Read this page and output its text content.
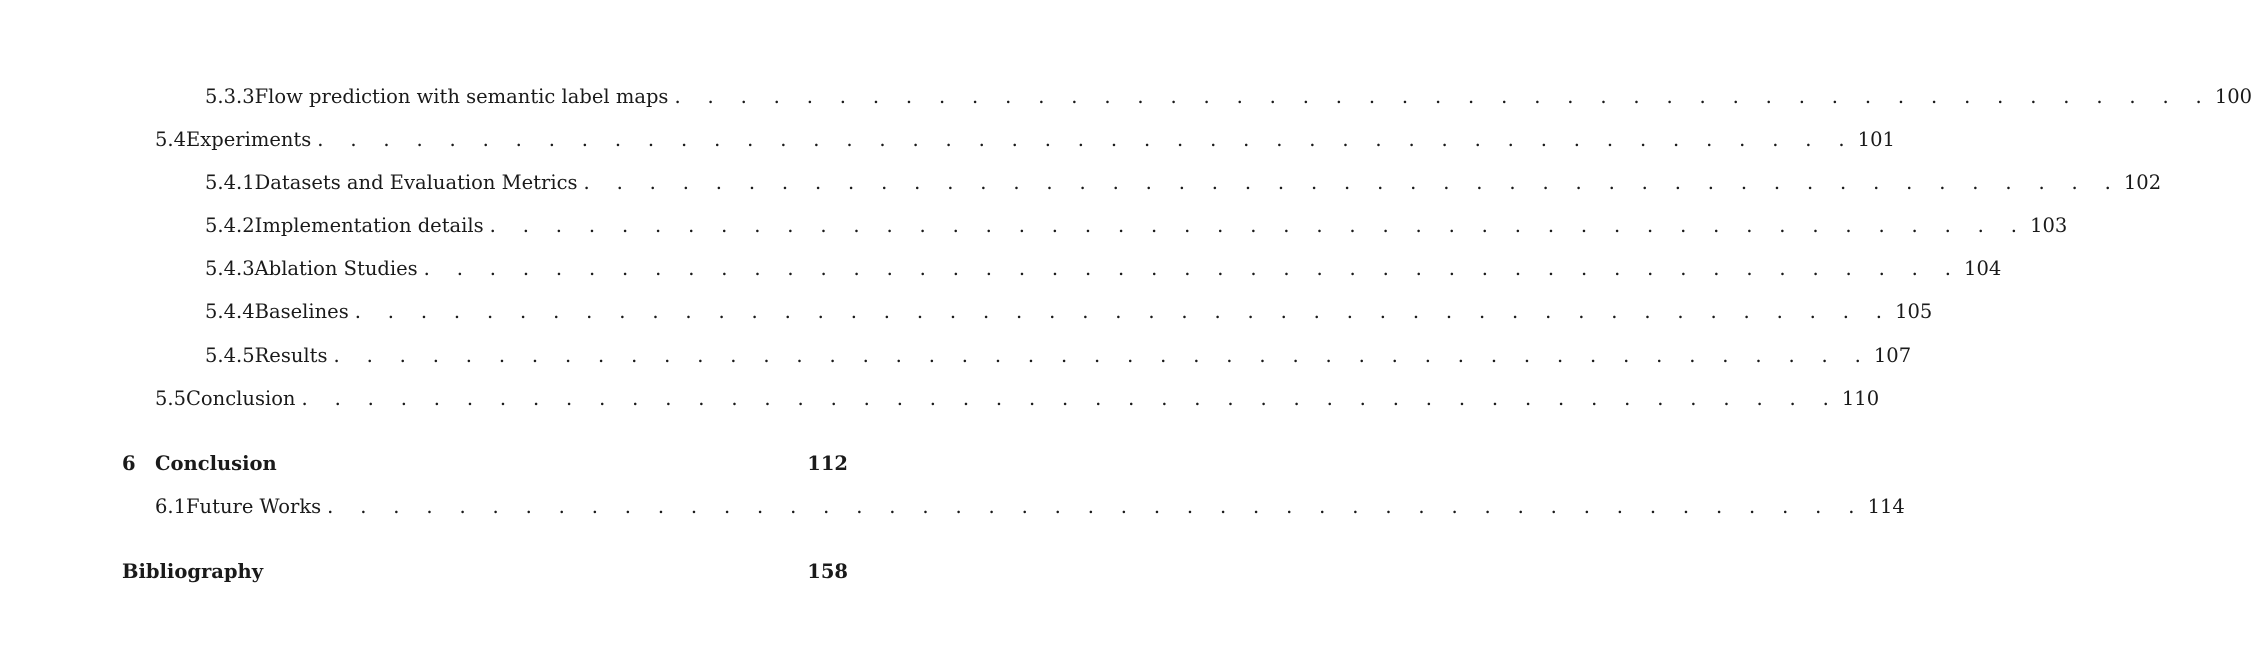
5.3.3 Flow prediction with semantic label maps . . . . . . . . . . . . . . . . . . . . . . . . . . . . . . . . . . . . . . . . . . . . . . . 100
5.4 Experiments . . . . . . . . . . . . . . . . . . . . . . . . . . . . . . . . . . . . . . . . . . . . . . . 101
5.4.1 Datasets and Evaluation Metrics . . . . . . . . . . . . . . . . . . . . . . . . . . . . . . . . . . . . . . . . . . . . . . . 102
5.4.2 Implementation details . . . . . . . . . . . . . . . . . . . . . . . . . . . . . . . . . . . . . . . . . . . . . . . 103
5.4.3 Ablation Studies . . . . . . . . . . . . . . . . . . . . . . . . . . . . . . . . . . . . . . . . . . . . . . . 104
5.4.4 Baselines . . . . . . . . . . . . . . . . . . . . . . . . . . . . . . . . . . . . . . . . . . . . . . . 105
5.4.5 Results . . . . . . . . . . . . . . . . . . . . . . . . . . . . . . . . . . . . . . . . . . . . . . . 107
5.5 Conclusion . . . . . . . . . . . . . . . . . . . . . . . . . . . . . . . . . . . . . . . . . . . . . . . 110
6 Conclusion	112
6.1 Future Works . . . . . . . . . . . . . . . . . . . . . . . . . . . . . . . . . . . . . . . . . . . . . . . 114
Bibliography	158
